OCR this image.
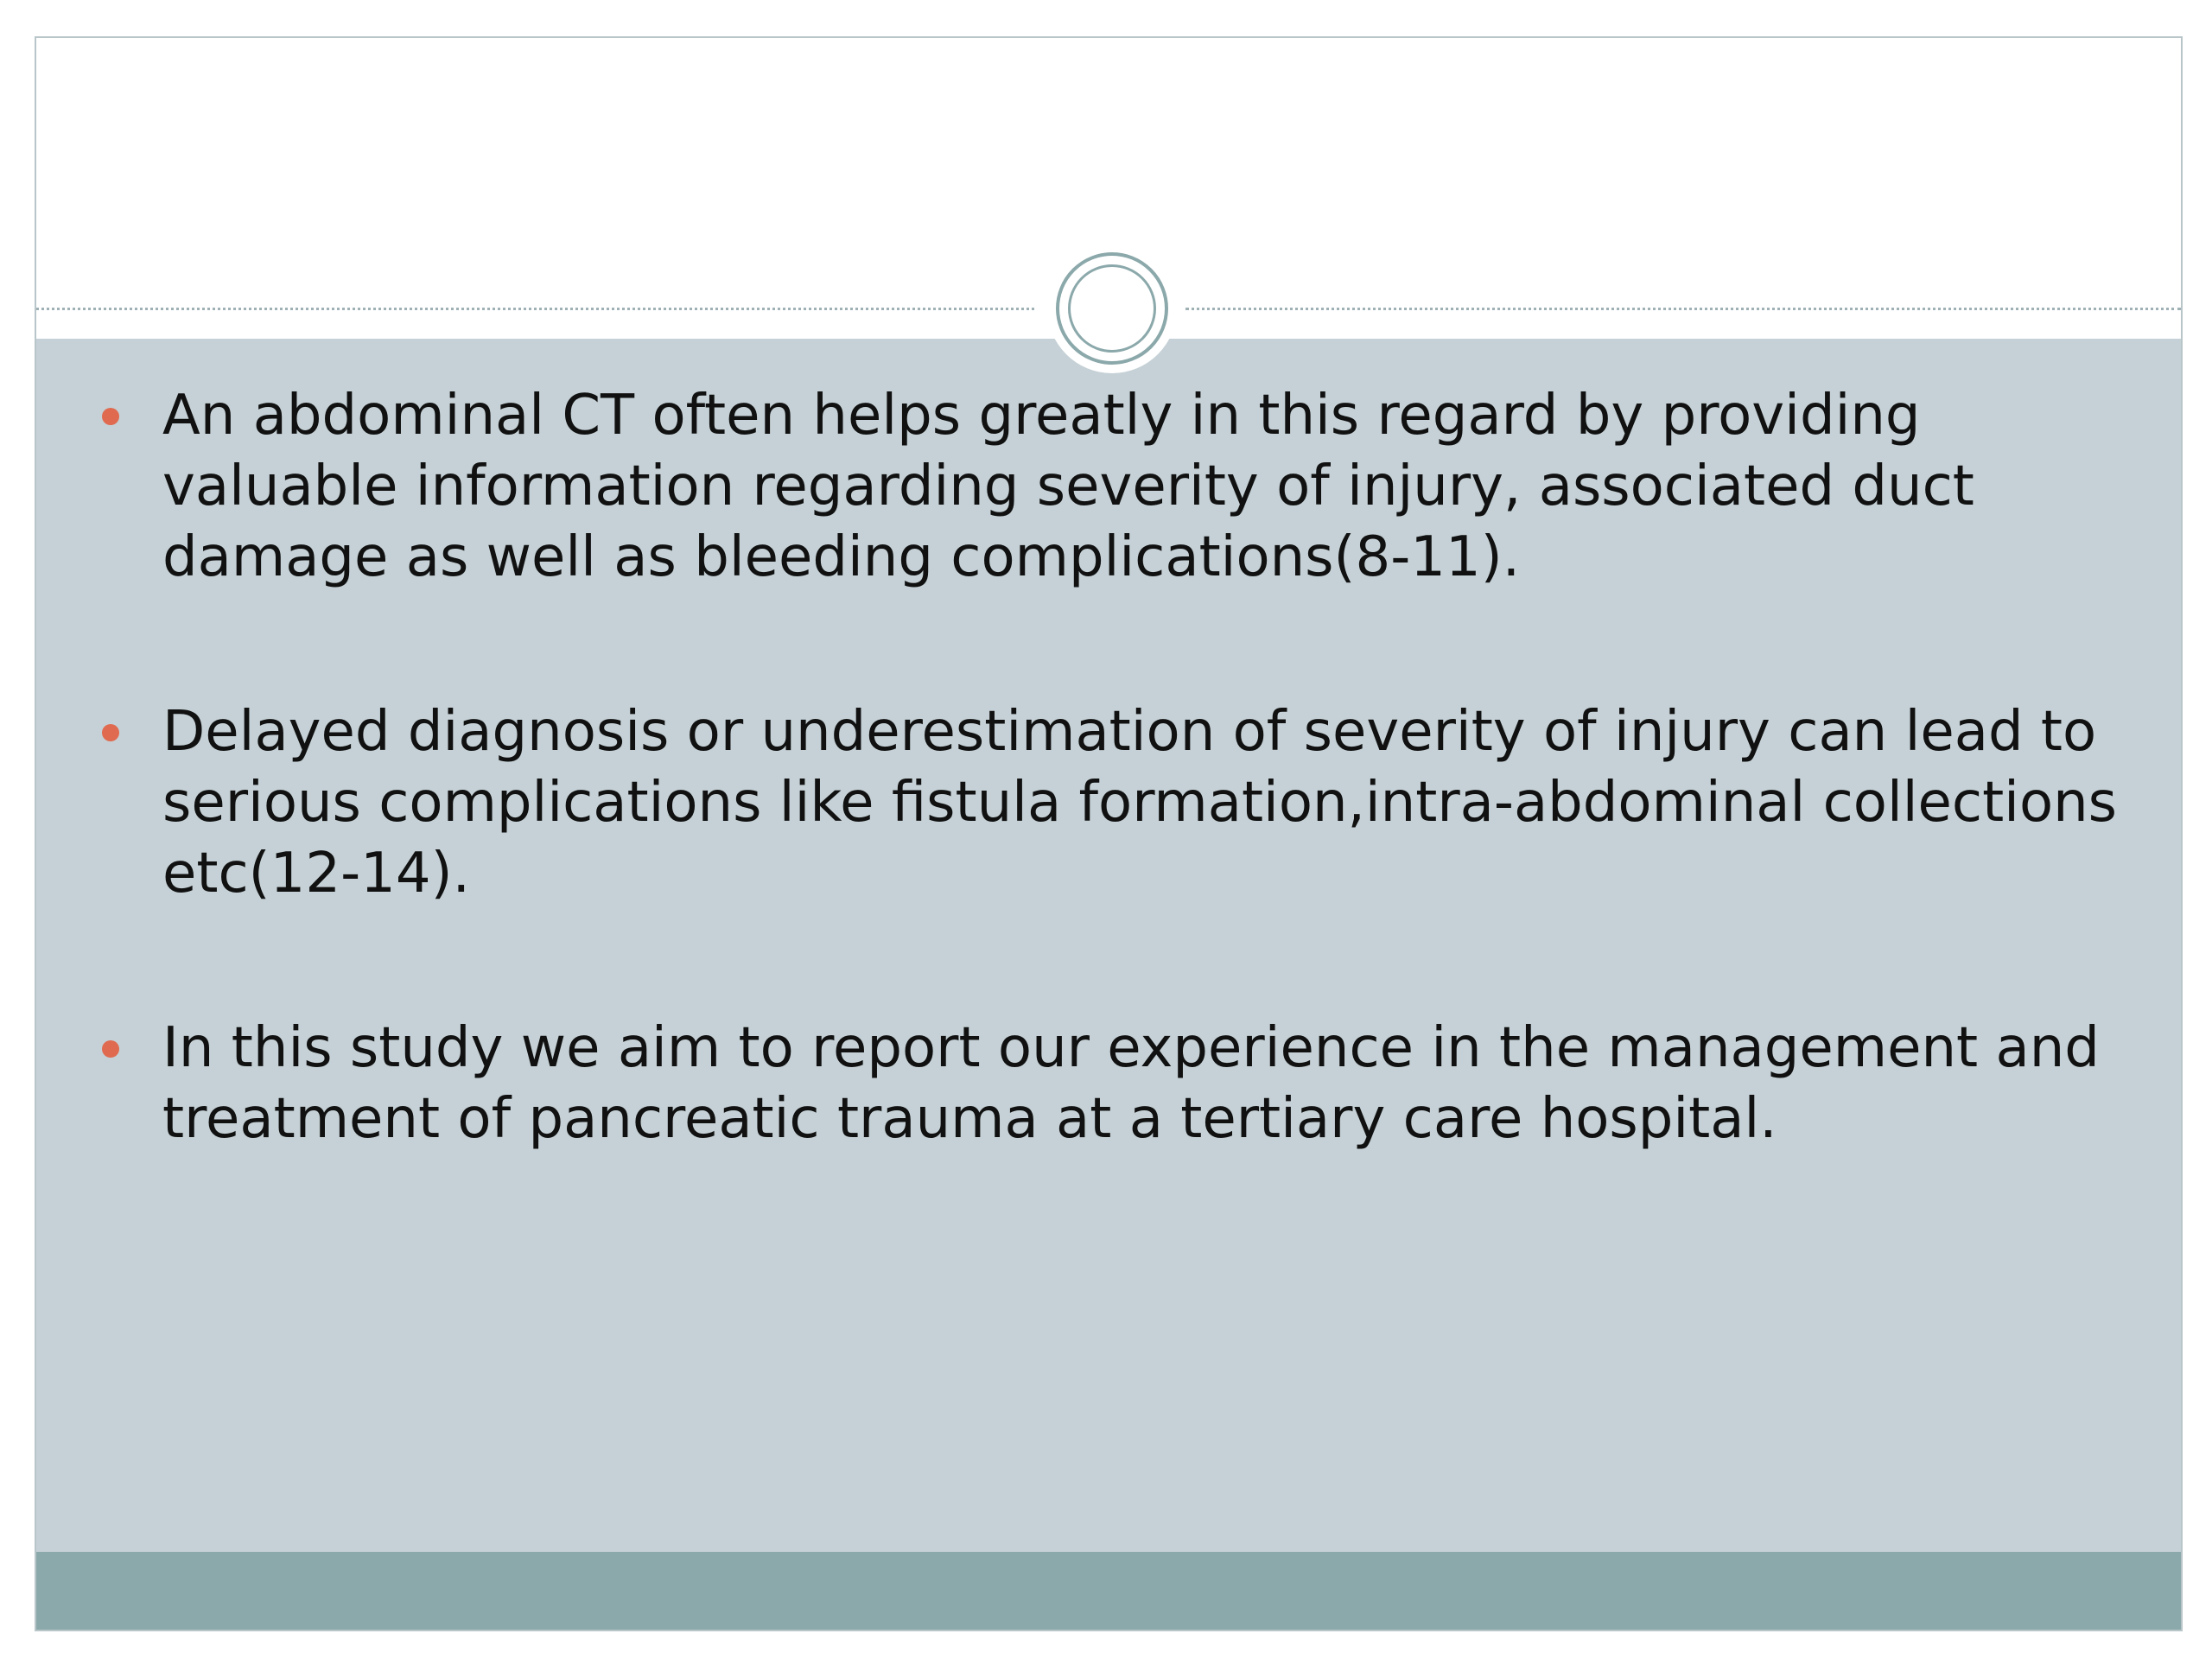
An abdominal CT often helps greatly in this regard by providing valuable information regarding severity of injury, associated duct damage as well as bleeding complications(8-11).
Delayed diagnosis or underestimation of severity of injury can lead to serious complications like fistula formation,intra-abdominal collections etc(12-14).
In this study we aim to report our experience in the management and treatment of pancreatic trauma at a tertiary care hospital.
